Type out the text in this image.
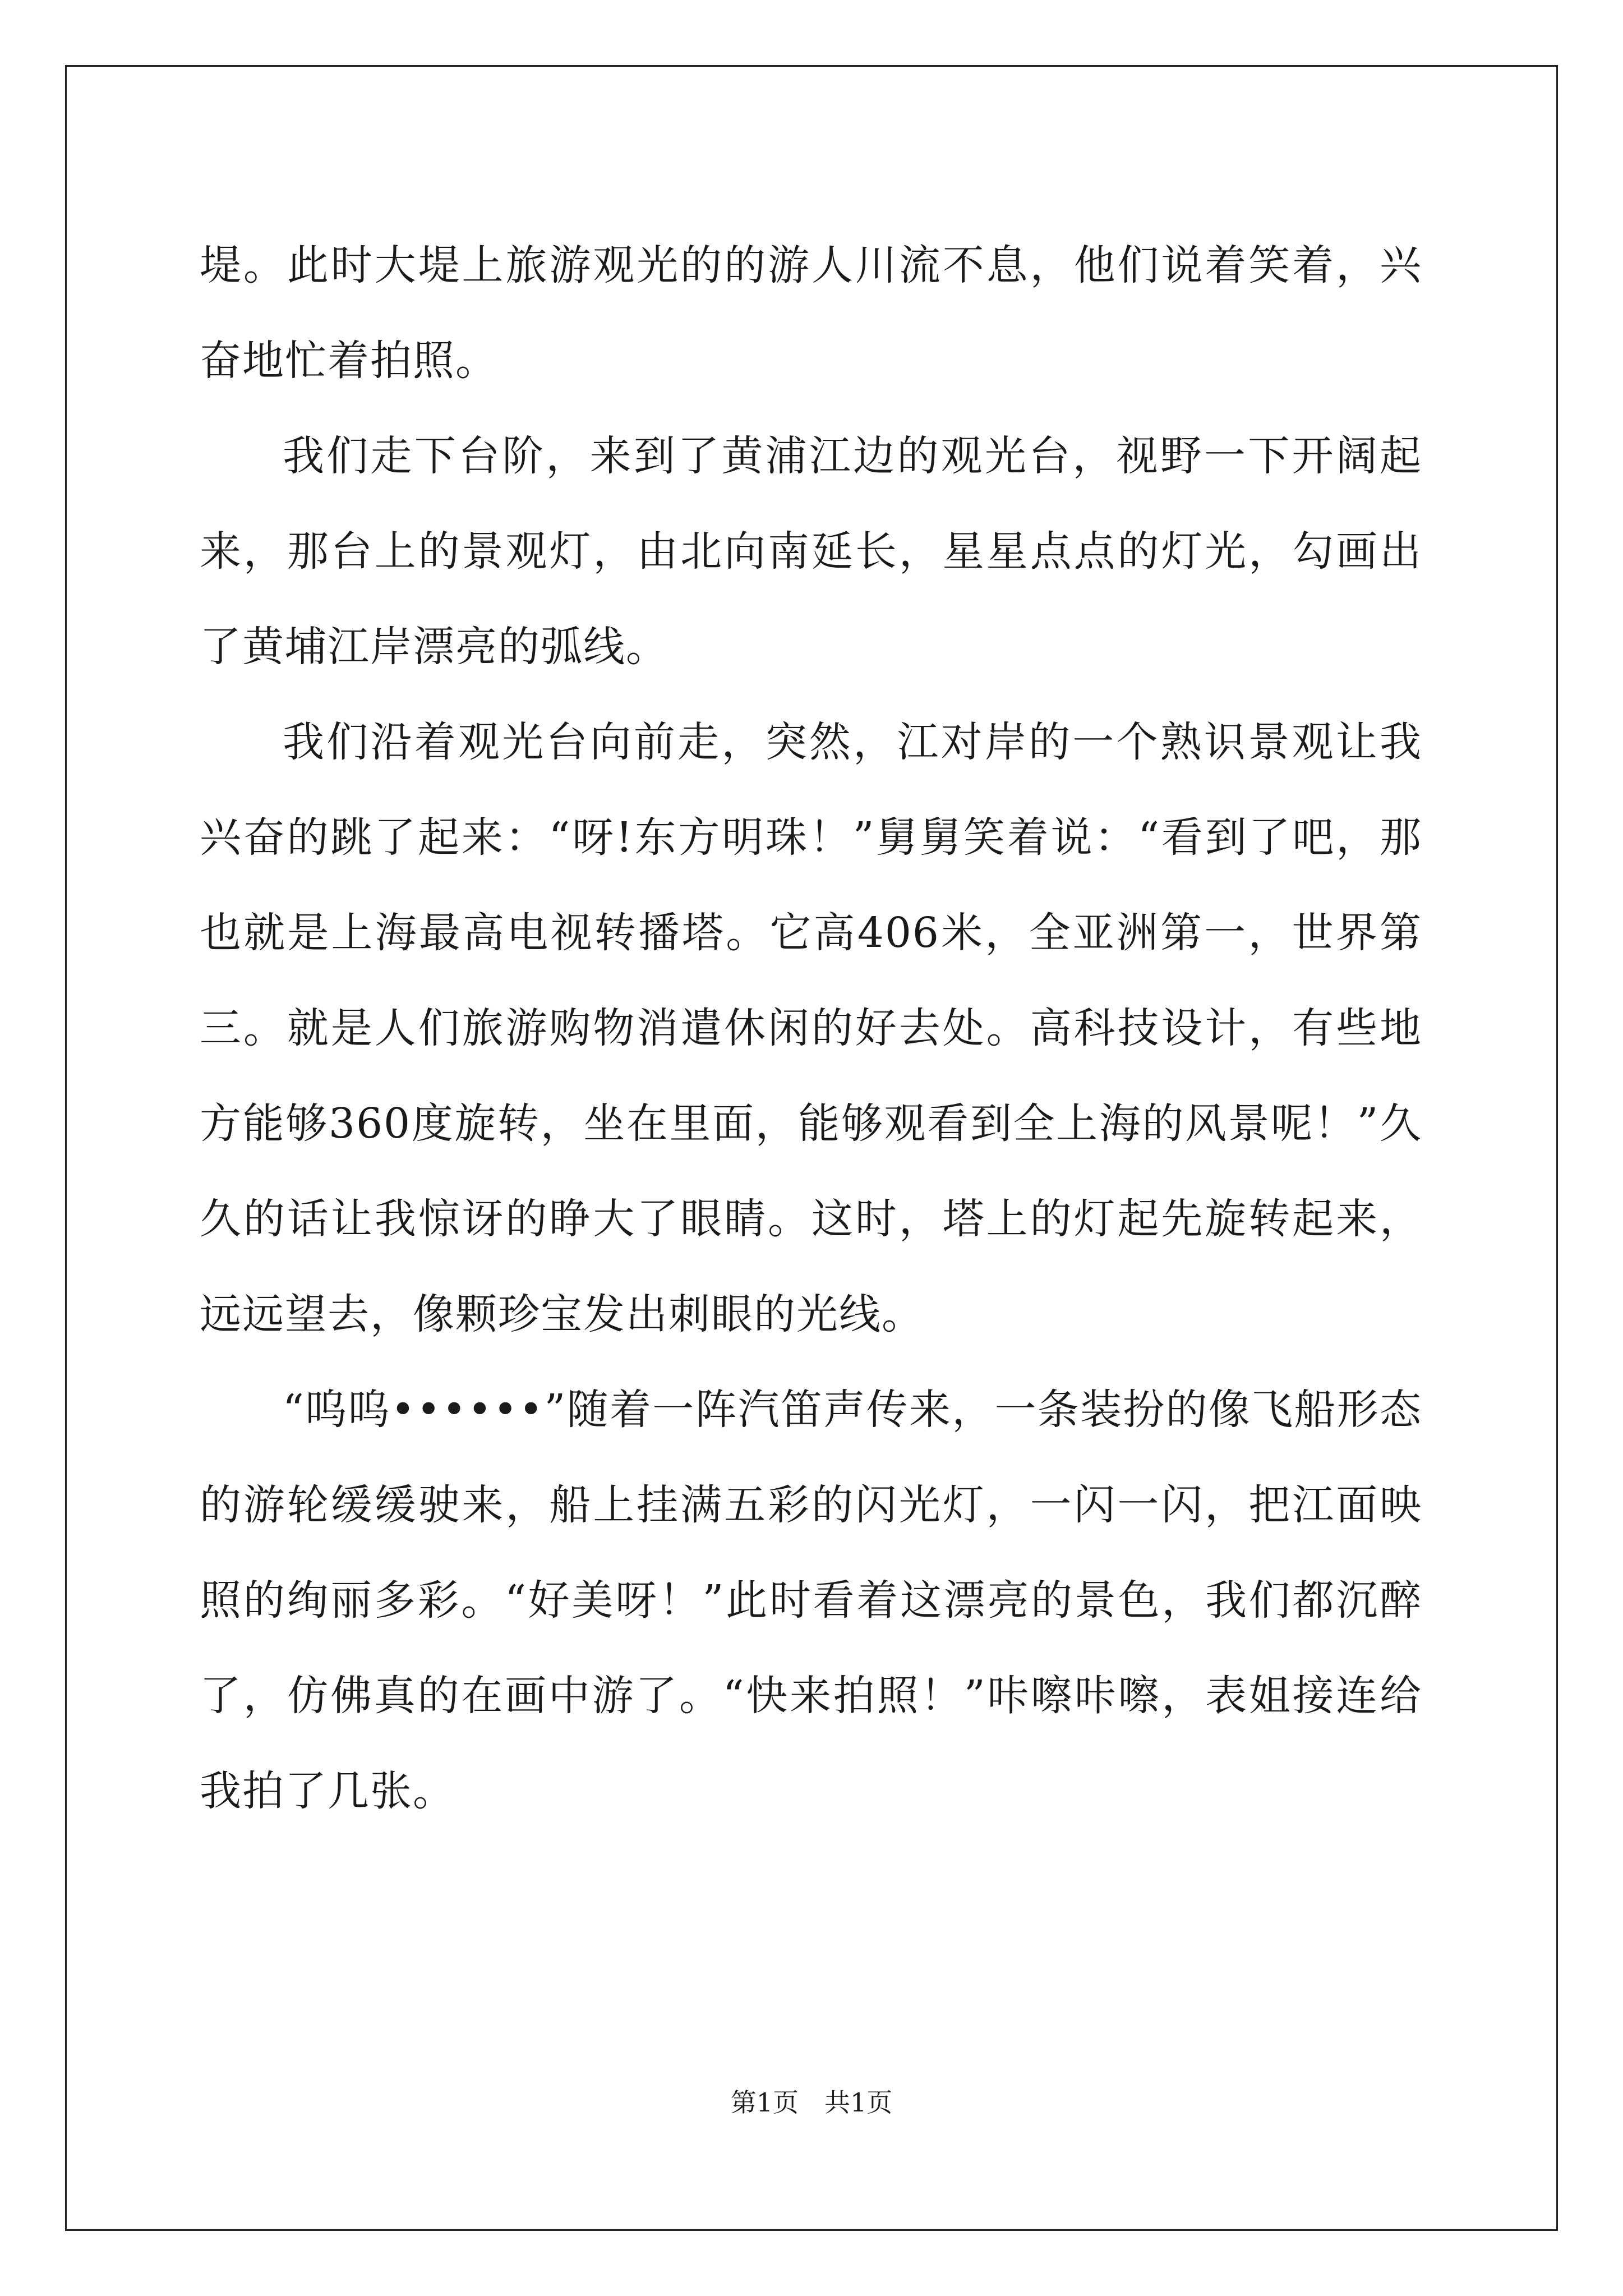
堤。此时大堤上旅游观光的的游人川流不息，他们说着笑着，兴奋地忙着拍照。

我们走下台阶，来到了黄浦江边的观光台，视野一下开阔起来，那台上的景观灯，由北向南延长，星星点点的灯光，勾画出了黄埔江岸漂亮的弧线。

我们沿着观光台向前走，突然，江对岸的一个熟识景观让我兴奋的跳了起来：“呀!东方明珠！”舅舅笑着说：“看到了吧，那也就是上海最高电视转播塔。它高406米，全亚洲第一，世界第三。就是人们旅游购物消遣休闲的好去处。高科技设计，有些地方能够360度旋转，坐在里面，能够观看到全上海的风景呢！”久久的话让我惊讶的睁大了眼睛。这时，塔上的灯起先旋转起来，远远望去，像颗珍宝发出刺眼的光线。

“呜呜••••••”随着一阵汽笛声传来，一条装扮的像飞船形态的游轮缓缓驶来，船上挂满五彩的闪光灯，一闪一闪，把江面映照的绚丽多彩。“好美呀！”此时看着这漂亮的景色，我们都沉醉了，仿佛真的在画中游了。“快来拍照！”咔嚓咔嚓，表姐接连给我拍了几张。

第1页　共1页
